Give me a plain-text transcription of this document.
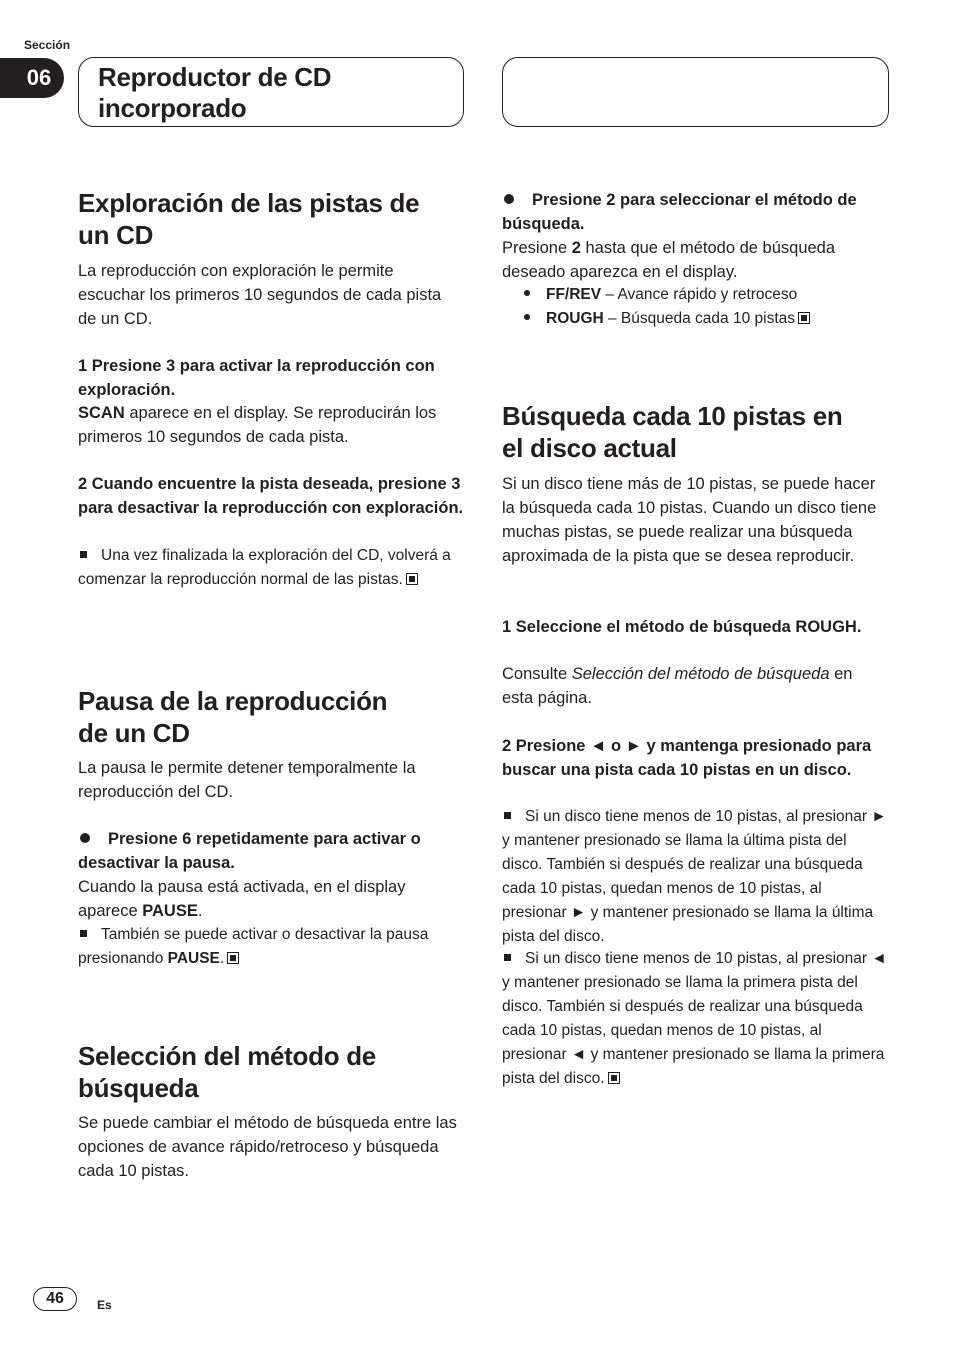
Sección
06	Reproductor de CD
incorporado
Exploración de las pistas de
un CD

La reproducción con exploración le permite escuchar los primeros 10 segundos de cada pista de un CD.

1 Presione 3 para activar la reproducción con exploración.

SCAN aparece en el display. Se reproducirán los primeros 10 segundos de cada pista.

2 Cuando encuentre la pista deseada, presione 3 para desactivar la reproducción con exploración.

Una vez finalizada la exploración del CD, volverá a comenzar la reproducción normal de las pistas.

Pausa de la reproducción
de un CD

La pausa le permite detener temporalmente la reproducción del CD.

Presione 6 repetidamente para activar o desactivar la pausa.

Cuando la pausa está activada, en el display aparece PAUSE.

También se puede activar o desactivar la pausa presionando PAUSE.

Selección del método de
búsqueda

Se puede cambiar el método de búsqueda entre las opciones de avance rápido/retroceso y búsqueda cada 10 pistas.

Presione 2 para seleccionar el método de búsqueda.

Presione 2 hasta que el método de búsqueda deseado aparezca en el display.

FF/REV – Avance rápido y retroceso

ROUGH – Búsqueda cada 10 pistas

Búsqueda cada 10 pistas en
el disco actual

Si un disco tiene más de 10 pistas, se puede hacer la búsqueda cada 10 pistas. Cuando un disco tiene muchas pistas, se puede realizar una búsqueda aproximada de la pista que se desea reproducir.

1 Seleccione el método de búsqueda ROUGH.

Consulte Selección del método de búsqueda en esta página.

2 Presione ◄ o ► y mantenga presionado para buscar una pista cada 10 pistas en un disco.

Si un disco tiene menos de 10 pistas, al presionar ► y mantener presionado se llama la última pista del disco. También si después de realizar una búsqueda cada 10 pistas, quedan menos de 10 pistas, al presionar ► y mantener presionado se llama la última pista del disco.

Si un disco tiene menos de 10 pistas, al presionar ◄ y mantener presionado se llama la primera pista del disco. También si después de realizar una búsqueda cada 10 pistas, quedan menos de 10 pistas, al presionar ◄ y mantener presionado se llama la primera pista del disco.

46	Es
